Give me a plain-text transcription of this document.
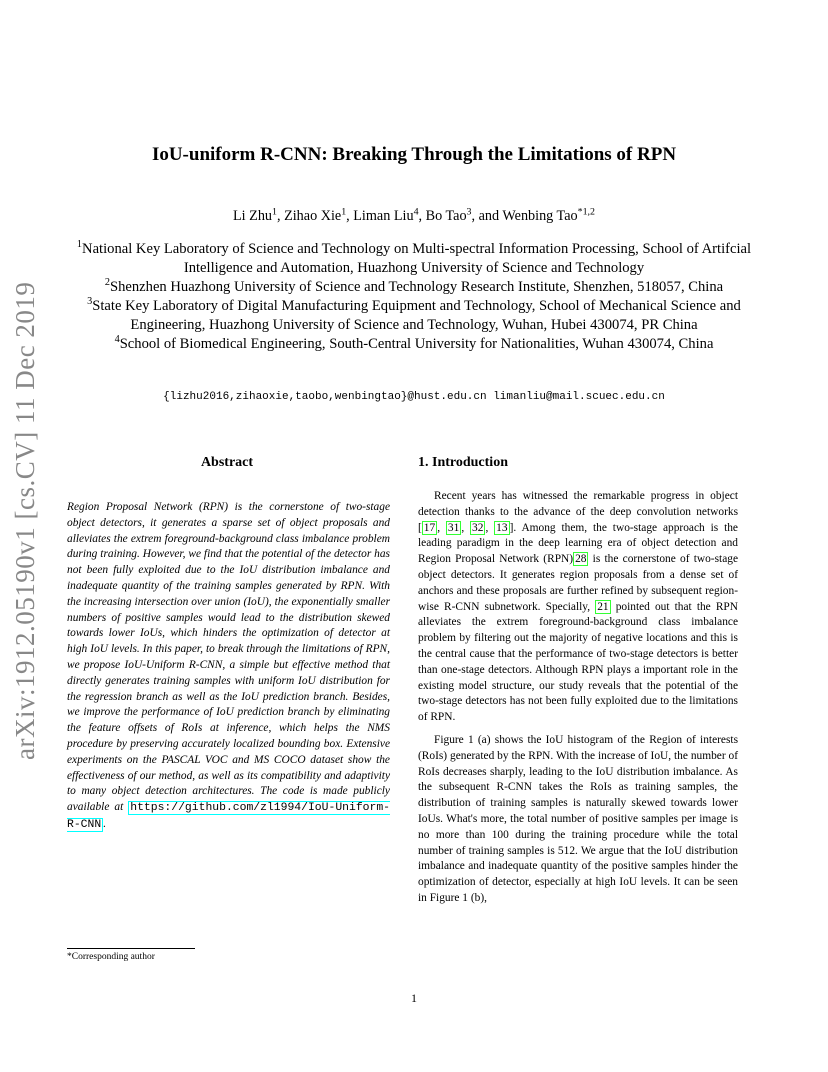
arXiv:1912.05190v1 [cs.CV] 11 Dec 2019
IoU-uniform R-CNN: Breaking Through the Limitations of RPN
Li Zhu$^1$, Zihao Xie$^1$, Liman Liu$^4$, Bo Tao$^3$, and Wenbing Tao$^{*1,2}$
$^1$National Key Laboratory of Science and Technology on Multi-spectral Information Processing, School of Artifcial Intelligence and Automation, Huazhong University of Science and Technology
$^2$Shenzhen Huazhong University of Science and Technology Research Institute, Shenzhen, 518057, China
$^3$State Key Laboratory of Digital Manufacturing Equipment and Technology, School of Mechanical Science and Engineering, Huazhong University of Science and Technology, Wuhan, Hubei 430074, PR China
$^4$School of Biomedical Engineering, South-Central University for Nationalities, Wuhan 430074, China
{lizhu2016,zihaoxie,taobo,wenbingtao}@hust.edu.cn limanliu@mail.scuec.edu.cn
Abstract
Region Proposal Network (RPN) is the cornerstone of two-stage object detectors, it generates a sparse set of object proposals and alleviates the extrem foreground-background class imbalance problem during training. However, we find that the potential of the detector has not been fully exploited due to the IoU distribution imbalance and inadequate quantity of the training samples generated by RPN. With the increasing intersection over union (IoU), the exponentially smaller numbers of positive samples would lead to the distribution skewed towards lower IoUs, which hinders the optimization of detector at high IoU levels. In this paper, to break through the limitations of RPN, we propose IoU-Uniform R-CNN, a simple but effective method that directly generates training samples with uniform IoU distribution for the regression branch as well as the IoU prediction branch. Besides, we improve the performance of IoU prediction branch by eliminating the feature offsets of RoIs at inference, which helps the NMS procedure by preserving accurately localized bounding box. Extensive experiments on the PASCAL VOC and MS COCO dataset show the effectiveness of our method, as well as its compatibility and adaptivity to many object detection architectures. The code is made publicly available at https://github.com/zl1994/IoU-Uniform-R-CNN .
1. Introduction

Recent years has witnessed the remarkable progress in object detection thanks to the advance of the deep convolution networks [ 17 , 31 , 32 , 13 ]. Among them, the two-stage approach is the leading paradigm in the deep learning era of object detection and Region Proposal Network (RPN) 28 is the cornerstone of two-stage object detectors. It generates region proposals from a dense set of anchors and these proposals are further refined by subsequent region-wise R-CNN subnetwork. Specially, 21 pointed out that the RPN alleviates the extrem foreground-background class imbalance problem by filtering out the majority of negative locations and this is the central cause that the performance of two-stage detectors is better than one-stage detectors. Although RPN plays a important role in the existing model structure, our study reveals that the potential of the two-stage detectors has not been fully exploited due to the limitations of RPN.

Figure 1 (a) shows the IoU histogram of the Region of interests (RoIs) generated by the RPN. With the increase of IoU, the number of RoIs decreases sharply, leading to the IoU distribution imbalance. As the subsequent R-CNN takes the RoIs as training samples, the distribution of training samples is naturally skewed towards lower IoUs. What's more, the total number of positive samples per image is no more than 100 during the training procedure while the total number of training samples is 512. We argue that the IoU distribution imbalance and inadequate quantity of the positive samples hinder the optimization of detector, especially at high IoU levels. It can be seen in Figure 1 (b),

*Corresponding author
1
